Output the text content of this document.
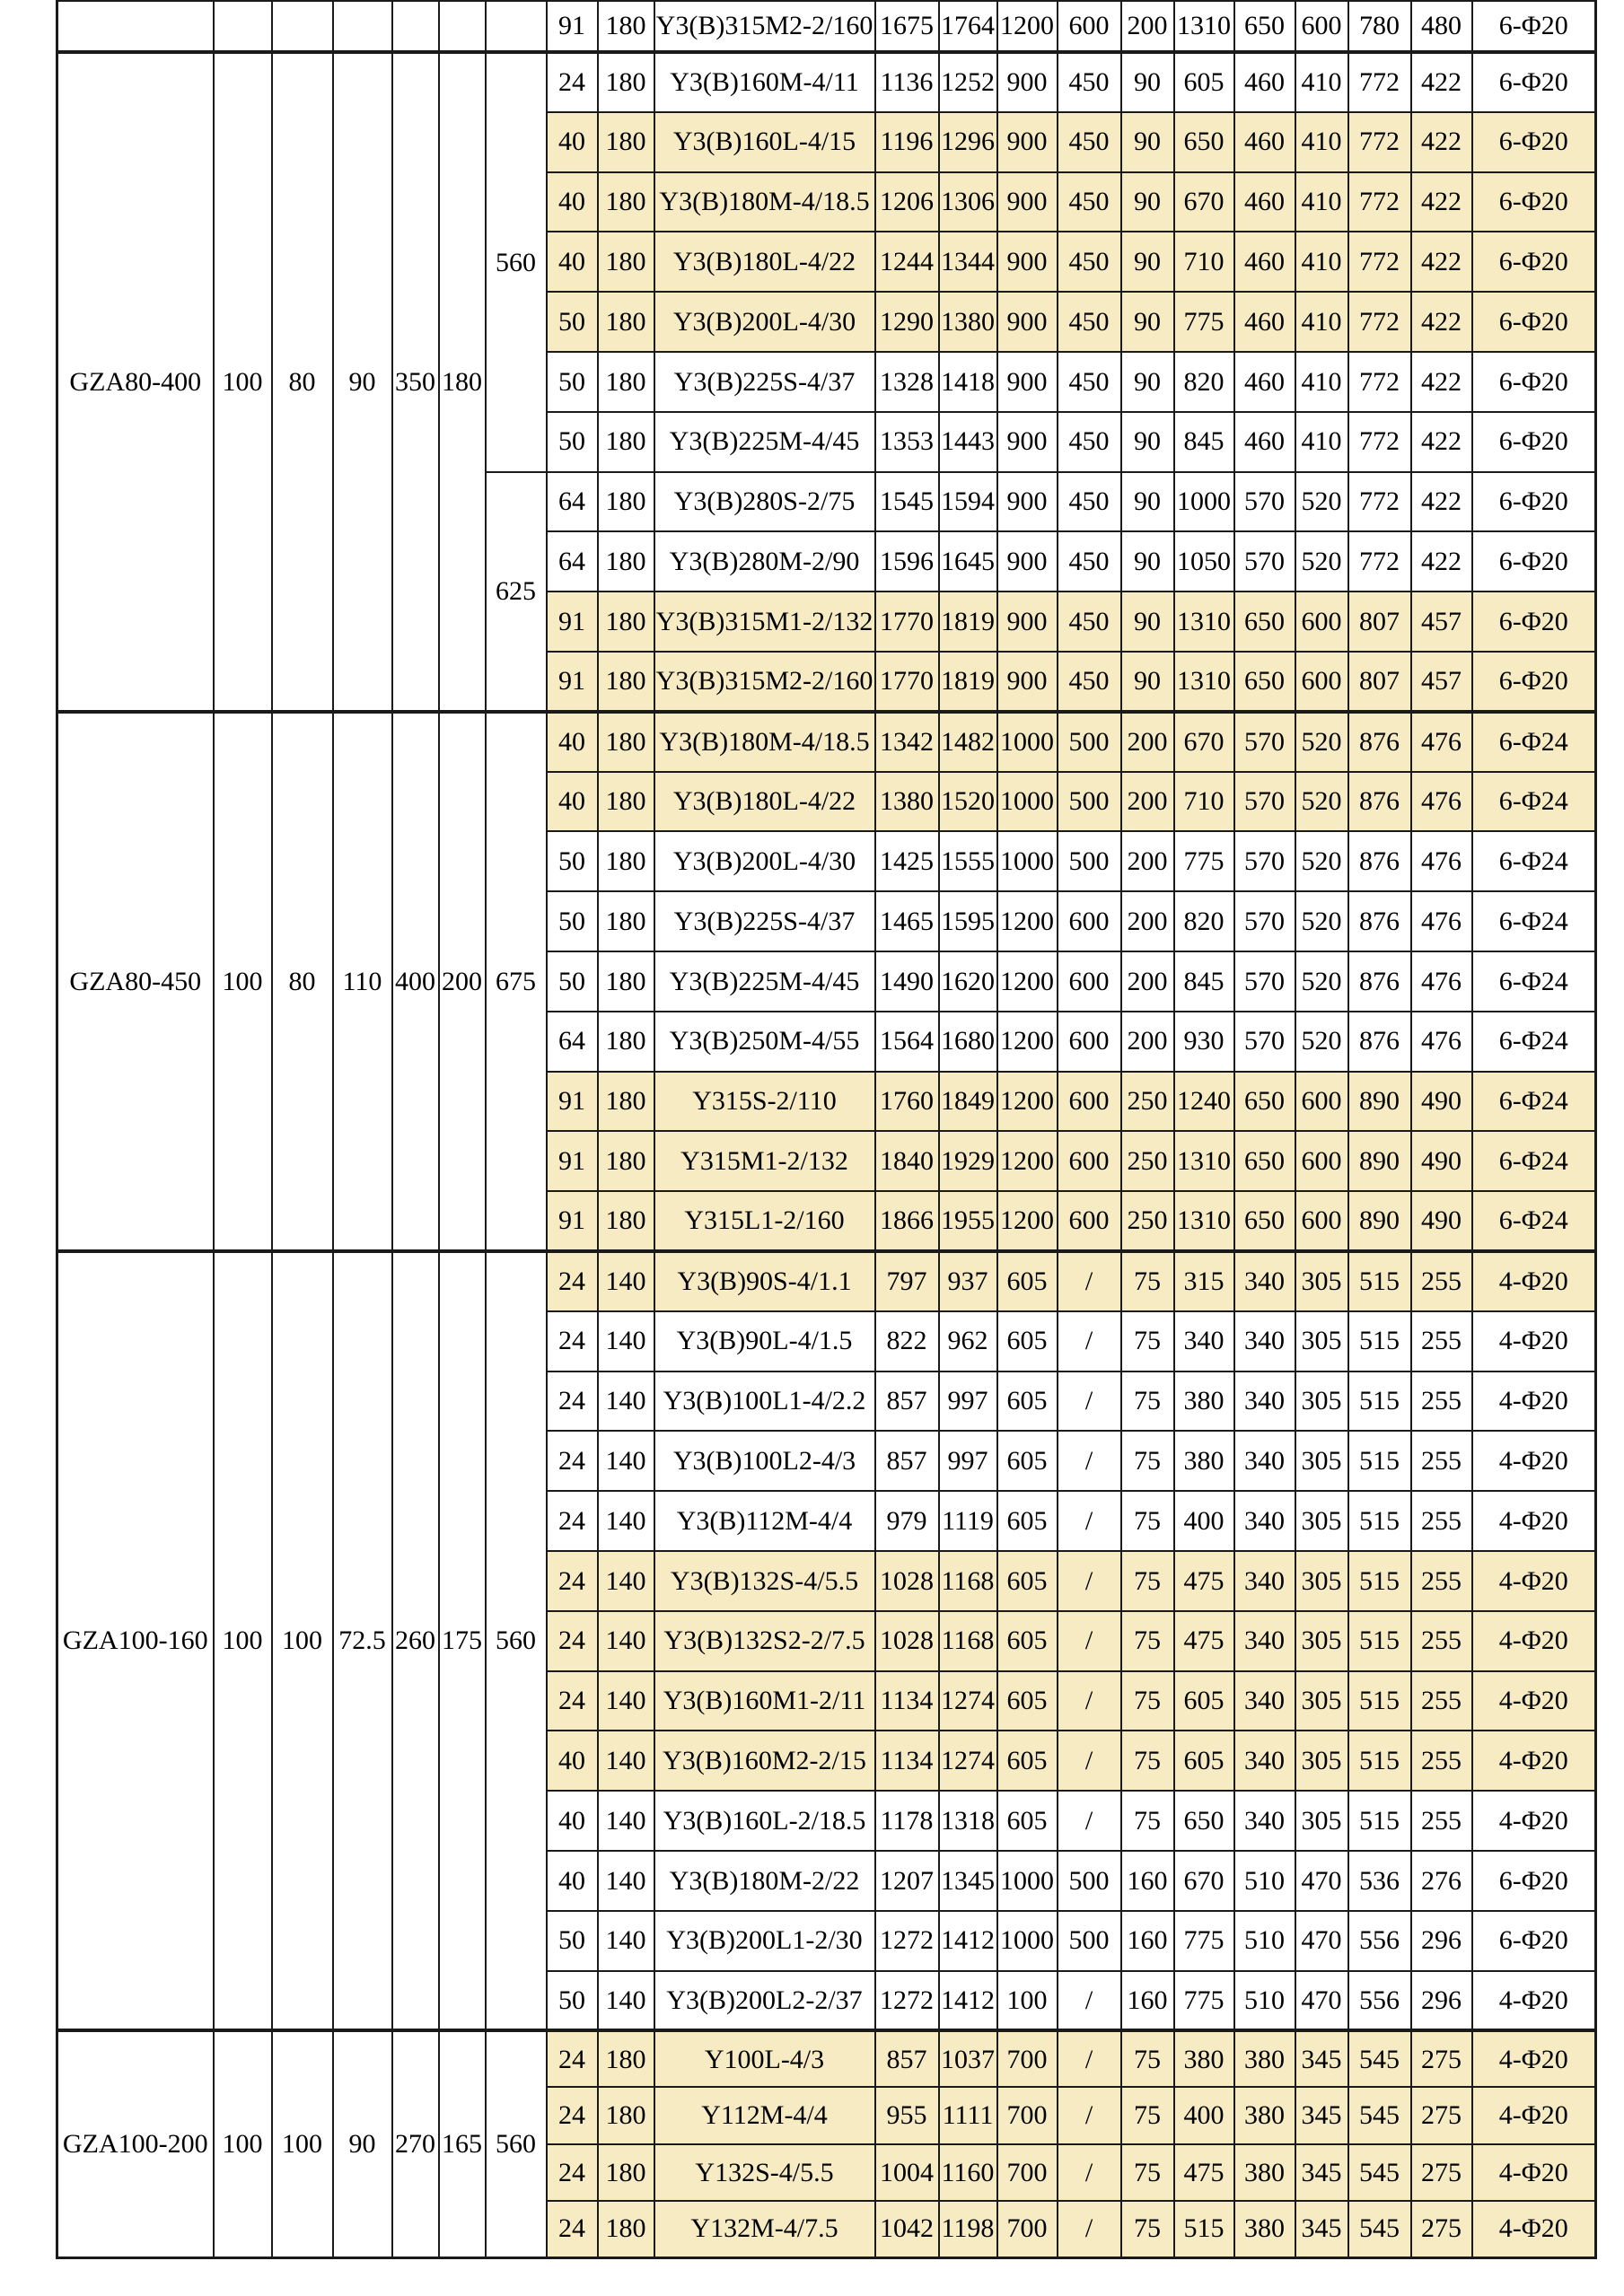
							91	180	Y3(B)315M2-2/160	1675	1764	1200	600	200	1310	650	600	780	480	6-Φ20
GZA80-400	100	80	90	350	180	560	24	180	Y3(B)160M-4/11	1136	1252	900	450	90	605	460	410	772	422	6-Φ20
							40	180	Y3(B)160L-4/15	1196	1296	900	450	90	650	460	410	772	422	6-Φ20
							40	180	Y3(B)180M-4/18.5	1206	1306	900	450	90	670	460	410	772	422	6-Φ20
							40	180	Y3(B)180L-4/22	1244	1344	900	450	90	710	460	410	772	422	6-Φ20
							50	180	Y3(B)200L-4/30	1290	1380	900	450	90	775	460	410	772	422	6-Φ20
							50	180	Y3(B)225S-4/37	1328	1418	900	450	90	820	460	410	772	422	6-Φ20
							50	180	Y3(B)225M-4/45	1353	1443	900	450	90	845	460	410	772	422	6-Φ20
						625	64	180	Y3(B)280S-2/75	1545	1594	900	450	90	1000	570	520	772	422	6-Φ20
							64	180	Y3(B)280M-2/90	1596	1645	900	450	90	1050	570	520	772	422	6-Φ20
							91	180	Y3(B)315M1-2/132	1770	1819	900	450	90	1310	650	600	807	457	6-Φ20
							91	180	Y3(B)315M2-2/160	1770	1819	900	450	90	1310	650	600	807	457	6-Φ20
GZA80-450	100	80	110	400	200	675	40	180	Y3(B)180M-4/18.5	1342	1482	1000	500	200	670	570	520	876	476	6-Φ24
							40	180	Y3(B)180L-4/22	1380	1520	1000	500	200	710	570	520	876	476	6-Φ24
							50	180	Y3(B)200L-4/30	1425	1555	1000	500	200	775	570	520	876	476	6-Φ24
							50	180	Y3(B)225S-4/37	1465	1595	1200	600	200	820	570	520	876	476	6-Φ24
							50	180	Y3(B)225M-4/45	1490	1620	1200	600	200	845	570	520	876	476	6-Φ24
							64	180	Y3(B)250M-4/55	1564	1680	1200	600	200	930	570	520	876	476	6-Φ24
							91	180	Y315S-2/110	1760	1849	1200	600	250	1240	650	600	890	490	6-Φ24
							91	180	Y315M1-2/132	1840	1929	1200	600	250	1310	650	600	890	490	6-Φ24
							91	180	Y315L1-2/160	1866	1955	1200	600	250	1310	650	600	890	490	6-Φ24
GZA100-160	100	100	72.5	260	175	560	24	140	Y3(B)90S-4/1.1	797	937	605	/	75	315	340	305	515	255	4-Φ20
							24	140	Y3(B)90L-4/1.5	822	962	605	/	75	340	340	305	515	255	4-Φ20
							24	140	Y3(B)100L1-4/2.2	857	997	605	/	75	380	340	305	515	255	4-Φ20
							24	140	Y3(B)100L2-4/3	857	997	605	/	75	380	340	305	515	255	4-Φ20
							24	140	Y3(B)112M-4/4	979	1119	605	/	75	400	340	305	515	255	4-Φ20
							24	140	Y3(B)132S-4/5.5	1028	1168	605	/	75	475	340	305	515	255	4-Φ20
							24	140	Y3(B)132S2-2/7.5	1028	1168	605	/	75	475	340	305	515	255	4-Φ20
							24	140	Y3(B)160M1-2/11	1134	1274	605	/	75	605	340	305	515	255	4-Φ20
							40	140	Y3(B)160M2-2/15	1134	1274	605	/	75	605	340	305	515	255	4-Φ20
							40	140	Y3(B)160L-2/18.5	1178	1318	605	/	75	650	340	305	515	255	4-Φ20
							40	140	Y3(B)180M-2/22	1207	1345	1000	500	160	670	510	470	536	276	6-Φ20
							50	140	Y3(B)200L1-2/30	1272	1412	1000	500	160	775	510	470	556	296	6-Φ20
							50	140	Y3(B)200L2-2/37	1272	1412	100	/	160	775	510	470	556	296	4-Φ20
GZA100-200	100	100	90	270	165	560	24	180	Y100L-4/3	857	1037	700	/	75	380	380	345	545	275	4-Φ20
							24	180	Y112M-4/4	955	1111	700	/	75	400	380	345	545	275	4-Φ20
							24	180	Y132S-4/5.5	1004	1160	700	/	75	475	380	345	545	275	4-Φ20
							24	180	Y132M-4/7.5	1042	1198	700	/	75	515	380	345	545	275	4-Φ20
